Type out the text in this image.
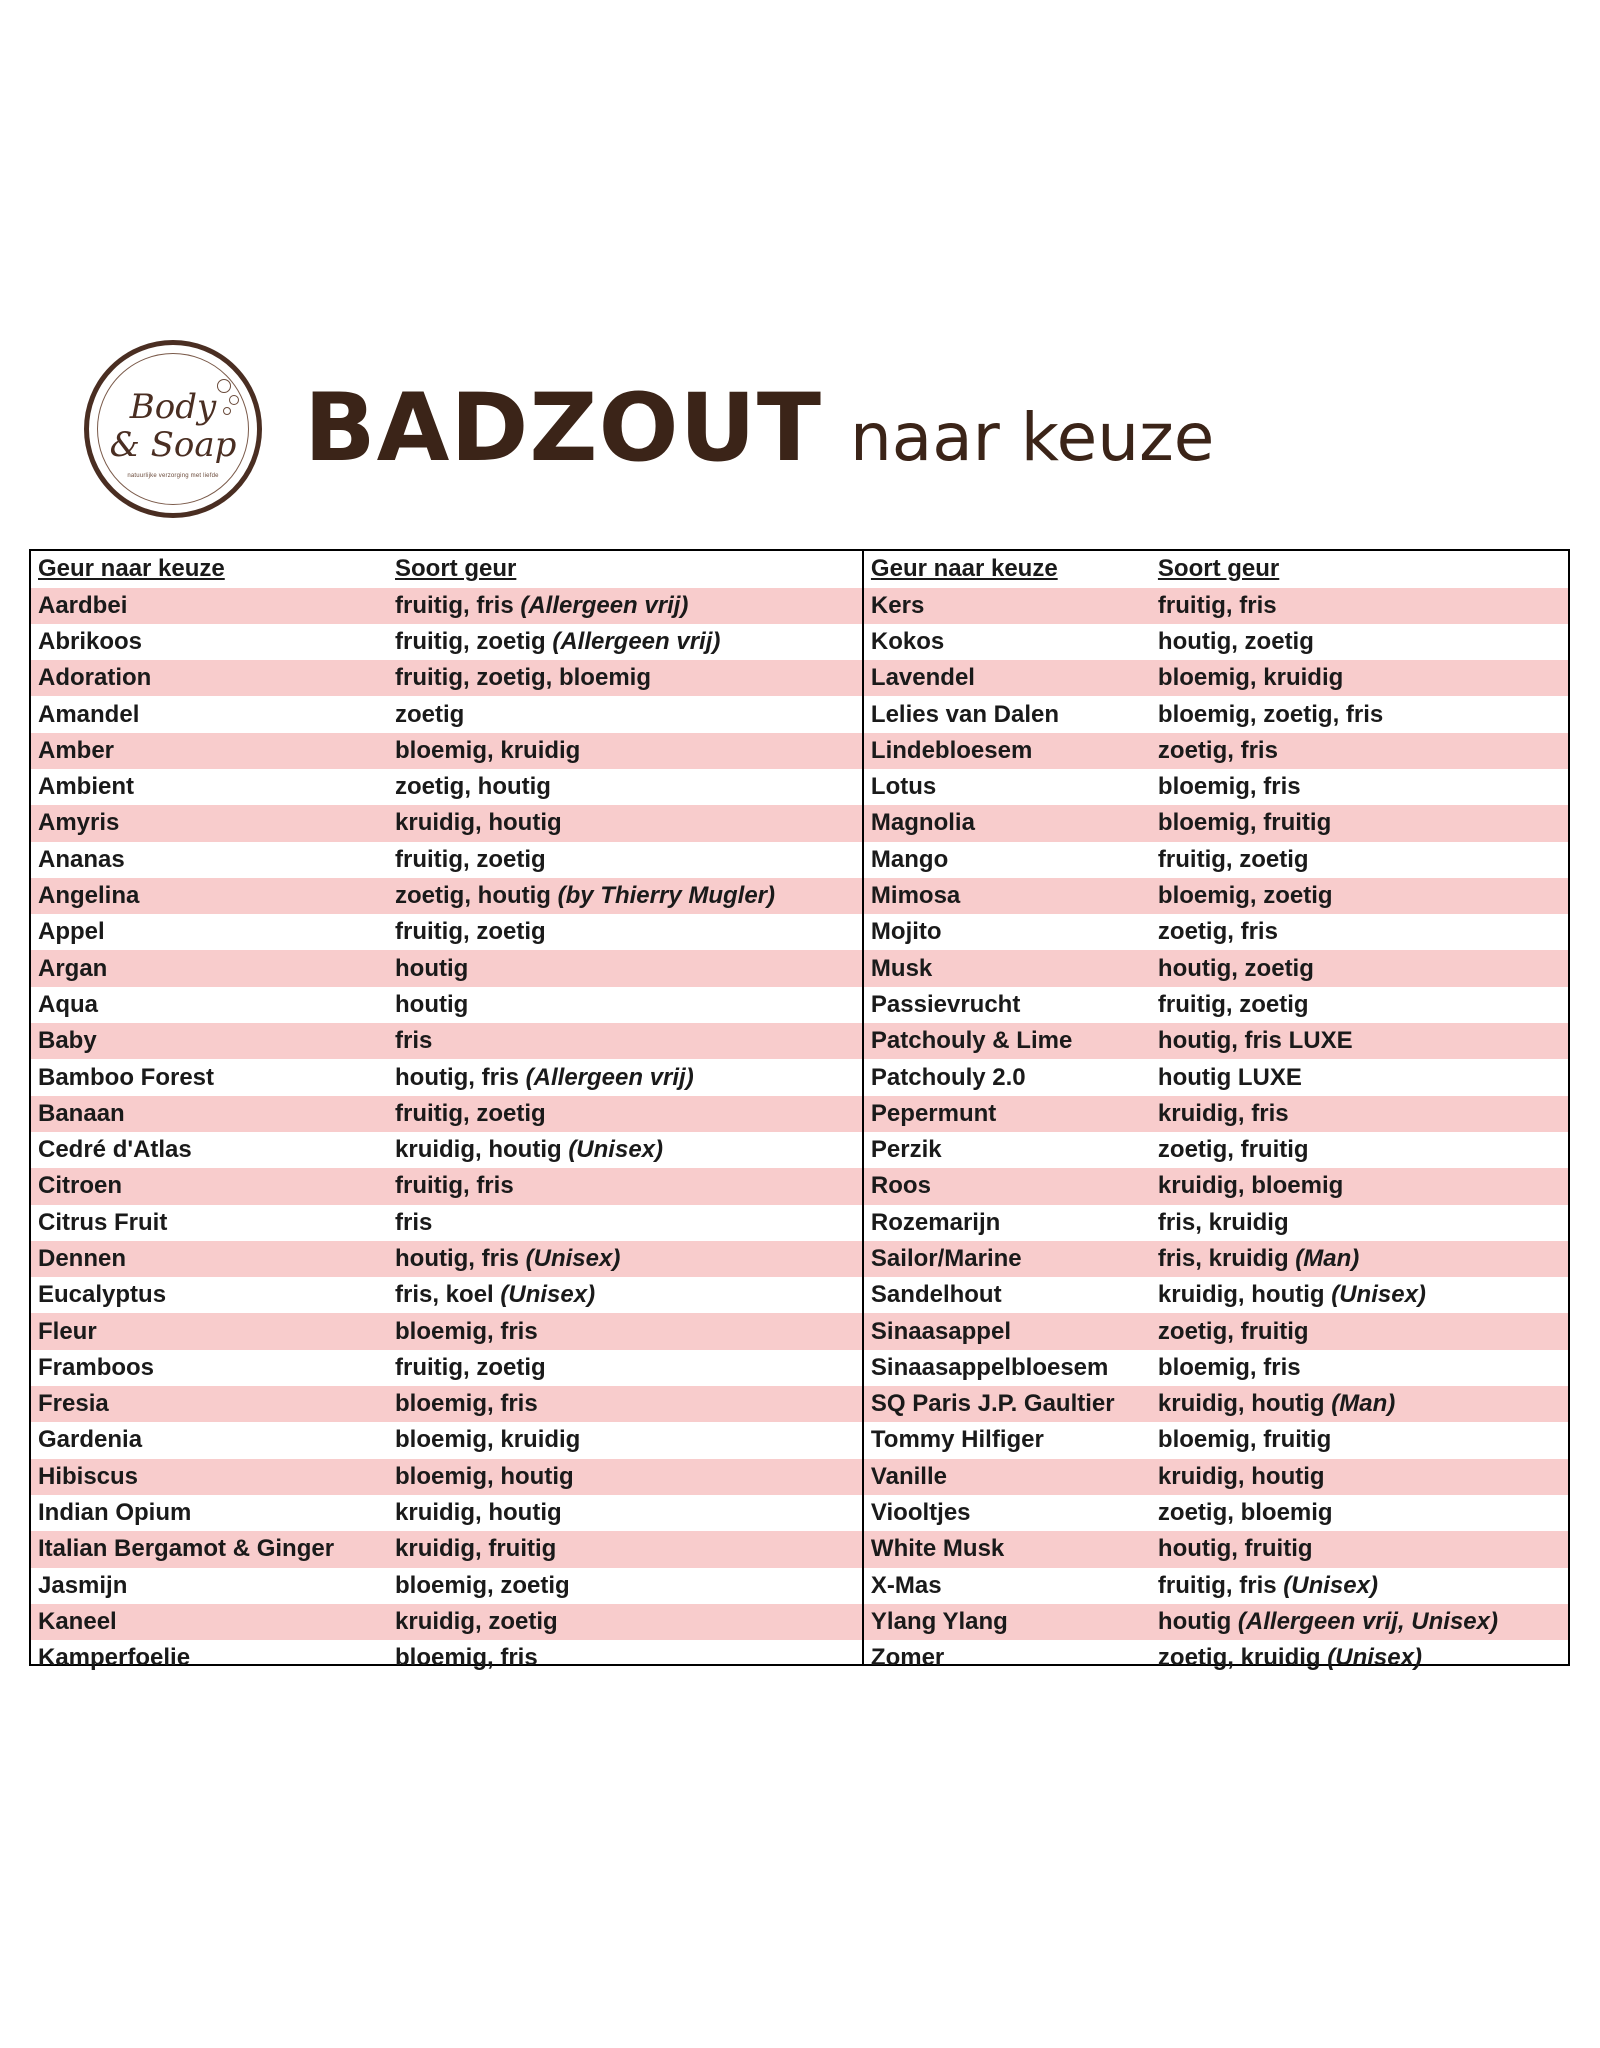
Body
& Soap
natuurlijke verzorging met liefde BADZOUT naar keuze
Geur naar keuze	Soort geur
Aardbei	fruitig, fris (Allergeen vrij)
Abrikoos	fruitig, zoetig (Allergeen vrij)
Adoration	fruitig, zoetig, bloemig
Amandel	zoetig
Amber	bloemig, kruidig
Ambient	zoetig, houtig
Amyris	kruidig, houtig
Ananas	fruitig, zoetig
Angelina	zoetig, houtig (by Thierry Mugler)
Appel	fruitig, zoetig
Argan	houtig
Aqua	houtig
Baby	fris
Bamboo Forest	houtig, fris (Allergeen vrij)
Banaan	fruitig, zoetig
Cedré d'Atlas	kruidig, houtig (Unisex)
Citroen	fruitig, fris
Citrus Fruit	fris
Dennen	houtig, fris (Unisex)
Eucalyptus	fris, koel (Unisex)
Fleur	bloemig, fris
Framboos	fruitig, zoetig
Fresia	bloemig, fris
Gardenia	bloemig, kruidig
Hibiscus	bloemig, houtig
Indian Opium	kruidig, houtig
Italian Bergamot & Ginger	kruidig, fruitig
Jasmijn	bloemig, zoetig
Kaneel	kruidig, zoetig
Kamperfoelie	bloemig, fris
Geur naar keuze	Soort geur
Kers	fruitig, fris
Kokos	houtig, zoetig
Lavendel	bloemig, kruidig
Lelies van Dalen	bloemig, zoetig, fris
Lindebloesem	zoetig, fris
Lotus	bloemig, fris
Magnolia	bloemig, fruitig
Mango	fruitig, zoetig
Mimosa	bloemig, zoetig
Mojito	zoetig, fris
Musk	houtig, zoetig
Passievrucht	fruitig, zoetig
Patchouly & Lime	houtig, fris LUXE
Patchouly 2.0	houtig LUXE
Pepermunt	kruidig, fris
Perzik	zoetig, fruitig
Roos	kruidig, bloemig
Rozemarijn	fris, kruidig
Sailor/Marine	fris, kruidig (Man)
Sandelhout	kruidig, houtig (Unisex)
Sinaasappel	zoetig, fruitig
Sinaasappelbloesem	bloemig, fris
SQ Paris J.P. Gaultier	kruidig, houtig (Man)
Tommy Hilfiger	bloemig, fruitig
Vanille	kruidig, houtig
Viooltjes	zoetig, bloemig
White Musk	houtig, fruitig
X-Mas	fruitig, fris (Unisex)
Ylang Ylang	houtig (Allergeen vrij, Unisex)
Zomer	zoetig, kruidig (Unisex)
